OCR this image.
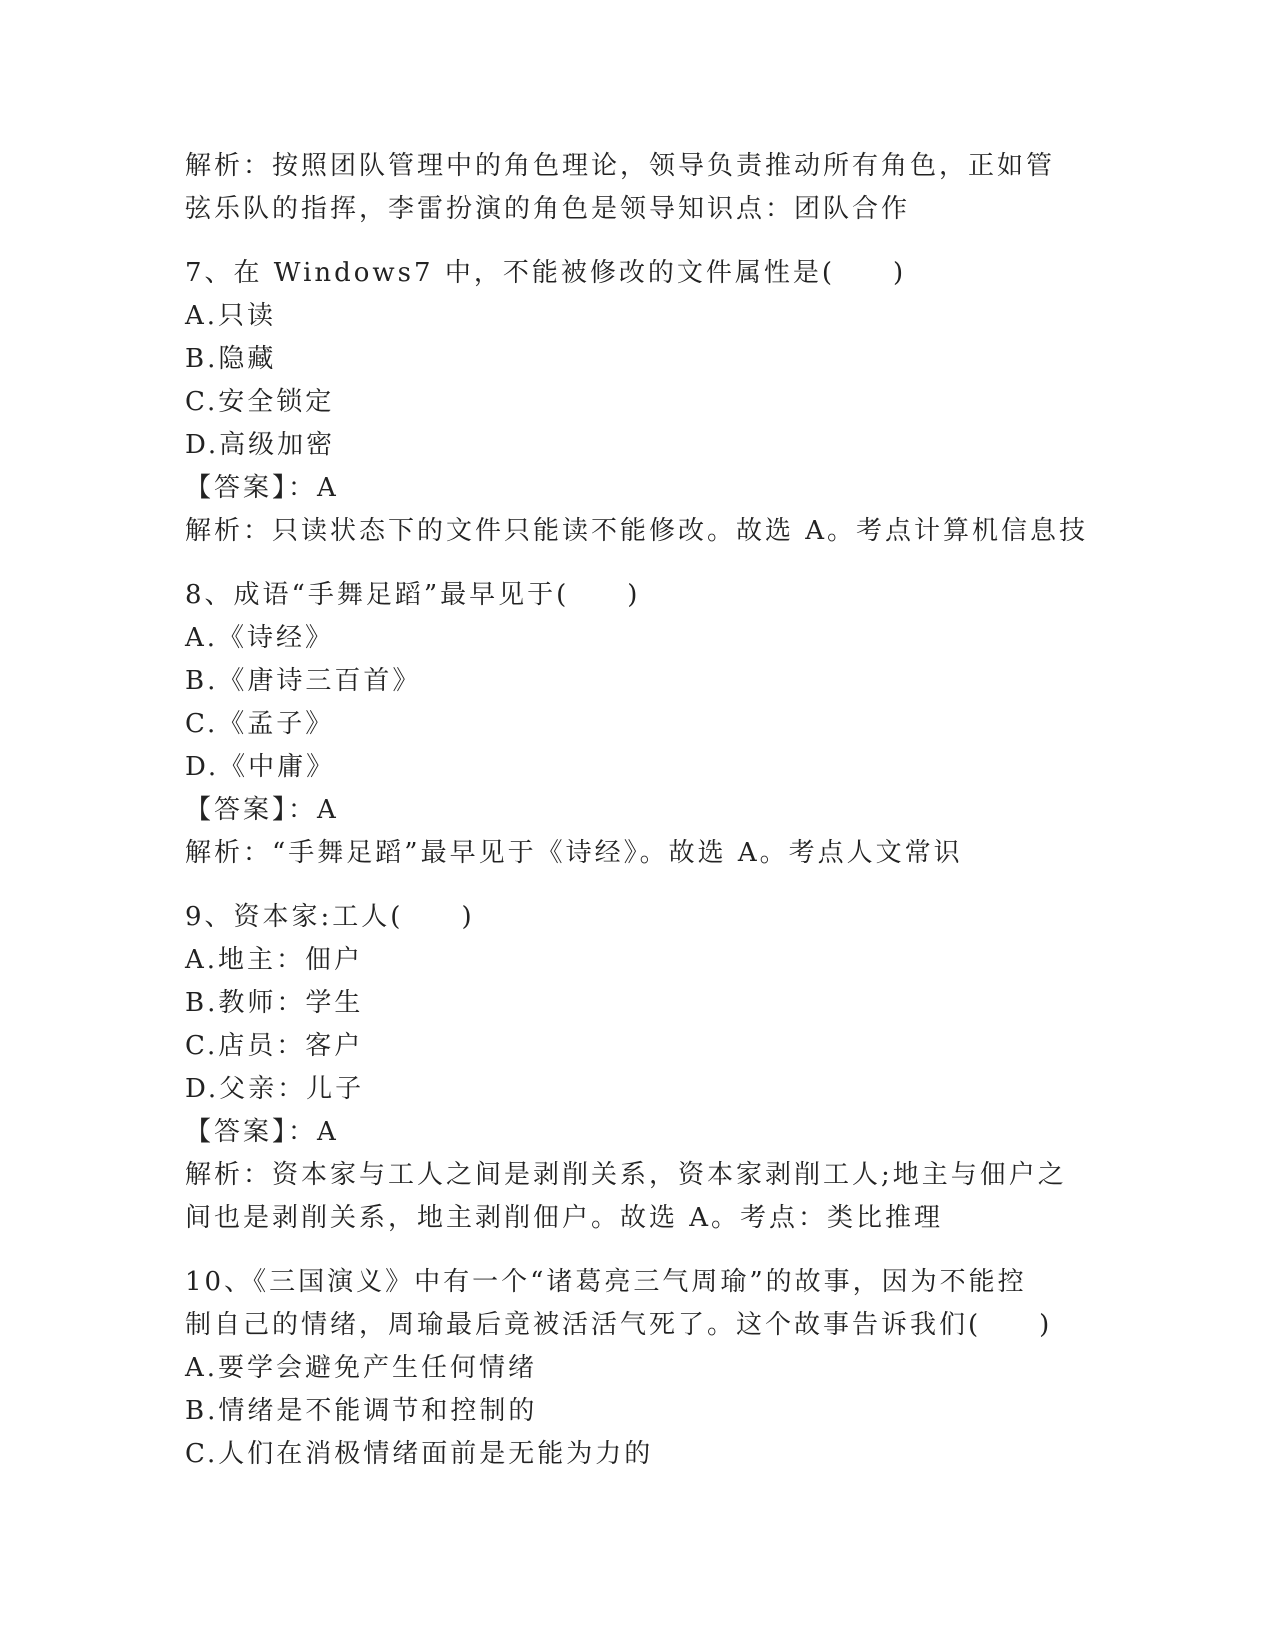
解析：按照团队管理中的角色理论，领导负责推动所有角色，正如管
弦乐队的指挥，李雷扮演的角色是领导知识点：团队合作
7、在 Windows7 中，不能被修改的文件属性是(　　)
A.只读
B.隐藏
C.安全锁定
D.高级加密
【答案】：A
解析：只读状态下的文件只能读不能修改。故选 A。考点计算机信息技
8、成语“手舞足蹈”最早见于(　　)
A.《诗经》
B.《唐诗三百首》
C.《孟子》
D.《中庸》
【答案】：A
解析：“手舞足蹈”最早见于《诗经》。故选 A。考点人文常识
9、资本家:工人(　　)
A.地主：佃户
B.教师：学生
C.店员：客户
D.父亲：儿子
【答案】：A
解析：资本家与工人之间是剥削关系，资本家剥削工人;地主与佃户之
间也是剥削关系，地主剥削佃户。故选 A。考点：类比推理
10、《三国演义》中有一个“诸葛亮三气周瑜”的故事，因为不能控
制自己的情绪，周瑜最后竟被活活气死了。这个故事告诉我们(　　)
A.要学会避免产生任何情绪
B.情绪是不能调节和控制的
C.人们在消极情绪面前是无能为力的
